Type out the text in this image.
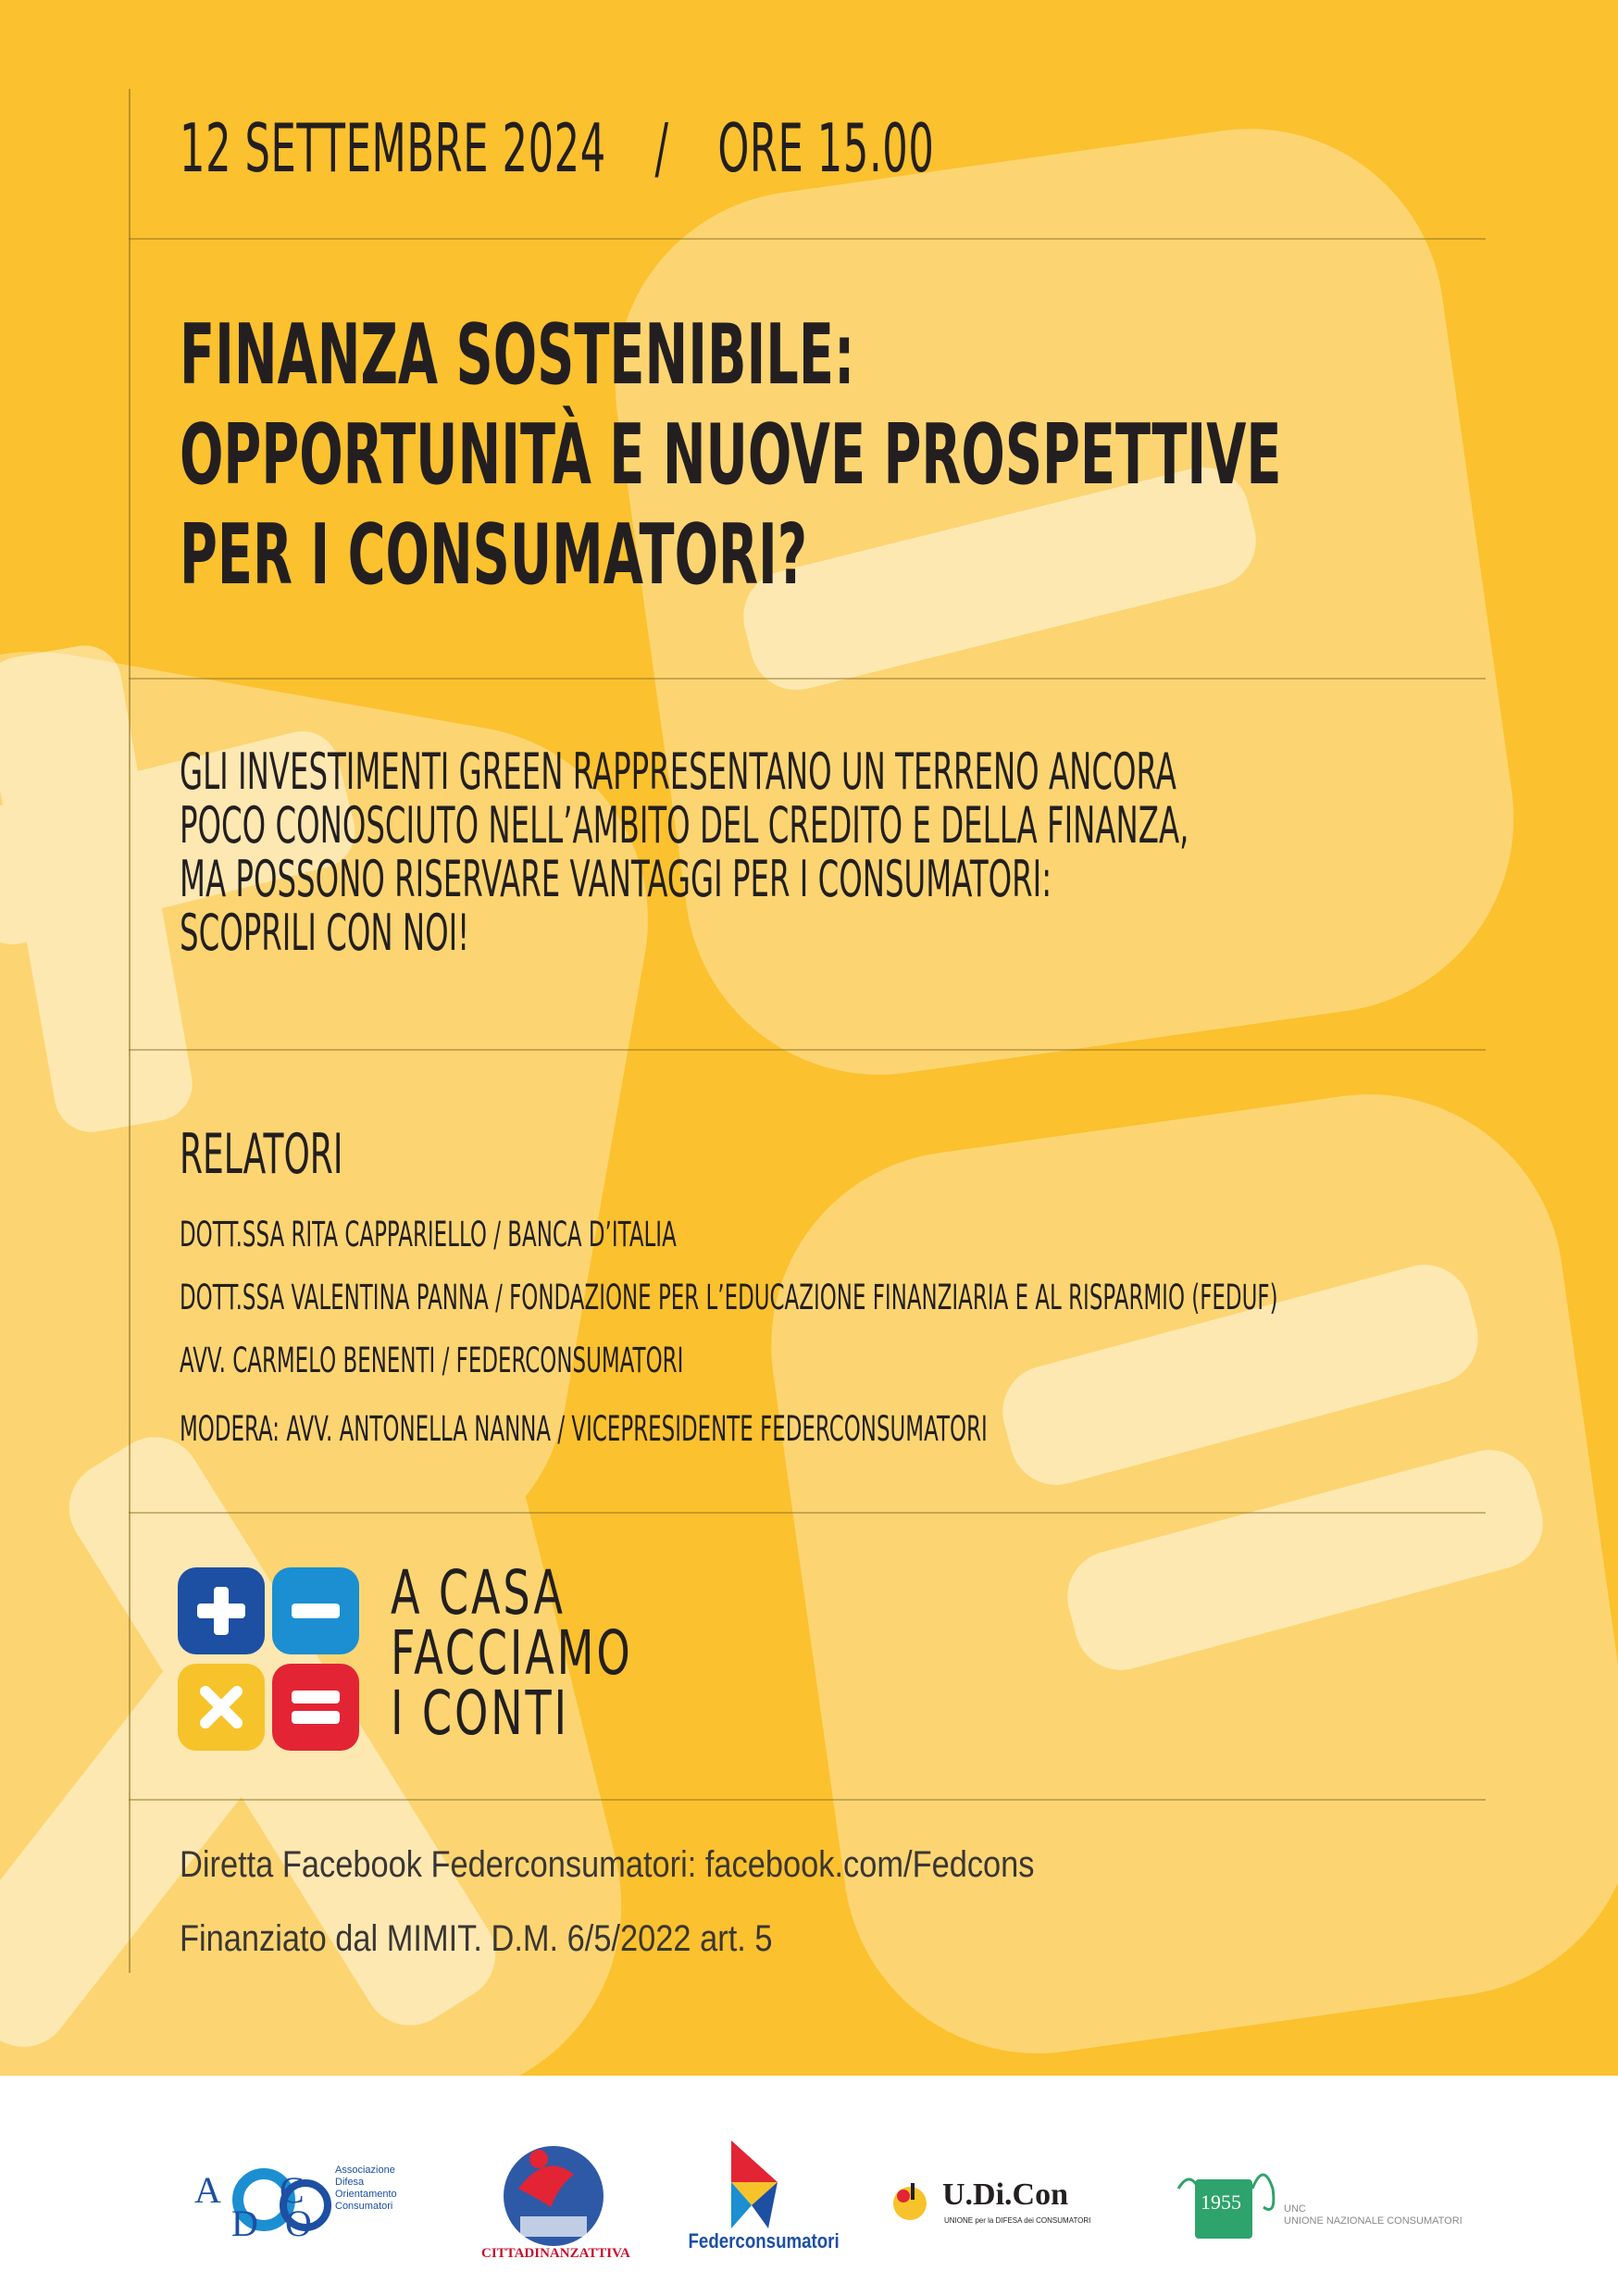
12 SETTEMBRE 2024 / ORE 15.00

FINANZA SOSTENIBILE:
OPPORTUNITÀ E NUOVE PROSPETTIVE
PER I CONSUMATORI?
GLI INVESTIMENTI GREEN RAPPRESENTANO UN TERRENO ANCORA
POCO CONOSCIUTO NELL’AMBITO DEL CREDITO E DELLA FINANZA,
MA POSSONO RISERVARE VANTAGGI PER I CONSUMATORI:
SCOPRILI CON NOI!

RELATORI

DOTT.SSA RITA CAPPARIELLO / BANCA D’ITALIA

DOTT.SSA VALENTINA PANNA / FONDAZIONE PER L’EDUCAZIONE FINANZIARIA E AL RISPARMIO (FEDUF)

AVV. CARMELO BENENTI / FEDERCONSUMATORI

MODERA: AVV. ANTONELLA NANNA / VICEPRESIDENTE FEDERCONSUMATORI

A CASA
FACCIAMO
I CONTI

Diretta Facebook Federconsumatori: facebook.com/Fedcons

Finanziato dal MIMIT. D.M. 6/5/2022 art. 5

A
D O
C	Associazione
Difesa
Orientamento
Consumatori
CITTADINANZATTIVA
Federconsumatori
U.Di.Con
UNIONE per la DIFESA dei CONSUMATORI
1955	UNC
UNIONE NAZIONALE CONSUMATORI
